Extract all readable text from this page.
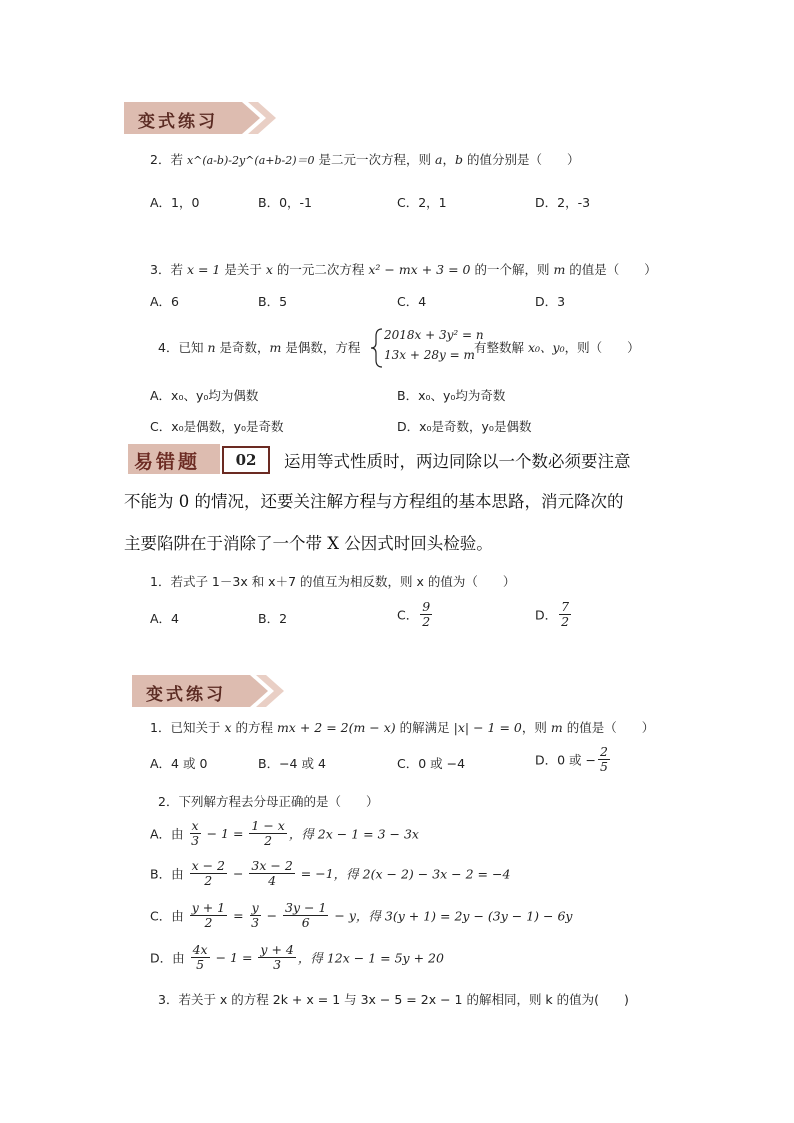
变式练习
2．若 x^(a-b)-2y^(a+b-2)＝0 是二元一次方程，则 a，b 的值分别是（　　）
A．1，0	B．0，-1	C．2，1	D．2，-3
3．若 x = 1 是关于 x 的一元二次方程 x² − mx + 3 = 0 的一个解，则 m 的值是（　　）
A．6	B．5	C．4	D．3
4．已知 n 是奇数，m 是偶数，方程
2018x + 3y² = n
13x + 28y = m 有整数解 x₀、y₀，则（　　）
A．x₀、y₀均为偶数	B．x₀、y₀均为奇数
C．x₀是偶数，y₀是奇数	D．x₀是奇数，y₀是偶数
易错题	02	运用等式性质时，两边同除以一个数必须要注意
不能为 0 的情况，还要关注解方程与方程组的基本思路，消元降次的
主要陷阱在于消除了一个带 X 公因式时回头检验。
1．若式子 1－3x 和 x＋7 的值互为相反数，则 x 的值为（　　）
A．4	B．2	C． $\frac{9}{2}$	D． $\frac{7}{2}$
变式练习
1．已知关于 x 的方程 mx + 2 = 2(m − x) 的解满足 |x| − 1 = 0，则 m 的值是（　　）
A．4 或 0	B．−4 或 4	C．0 或 −4	D．0 或 − $\frac{2}{5}$
2．下列解方程去分母正确的是（　　）
A．由 $\frac{x}{3} - 1 = \frac{1 - x}{2}$ ，得 2x − 1 = 3 − 3x
B．由 $\frac{x - 2}{2} - \frac{3x - 2}{4} = -1$，得 2(x − 2) − 3x − 2 = −4
C．由 $\frac{y + 1}{2} = \frac{y}{3} - \frac{3y - 1}{6} - y$，得 3(y + 1) = 2y − (3y − 1) − 6y
D．由 $\frac{4x}{5} - 1 = \frac{y + 4}{3}$ ，得 12x − 1 = 5y + 20
3．若关于 x 的方程 2k + x = 1 与 3x − 5 = 2x − 1 的解相同，则 k 的值为(　　)
